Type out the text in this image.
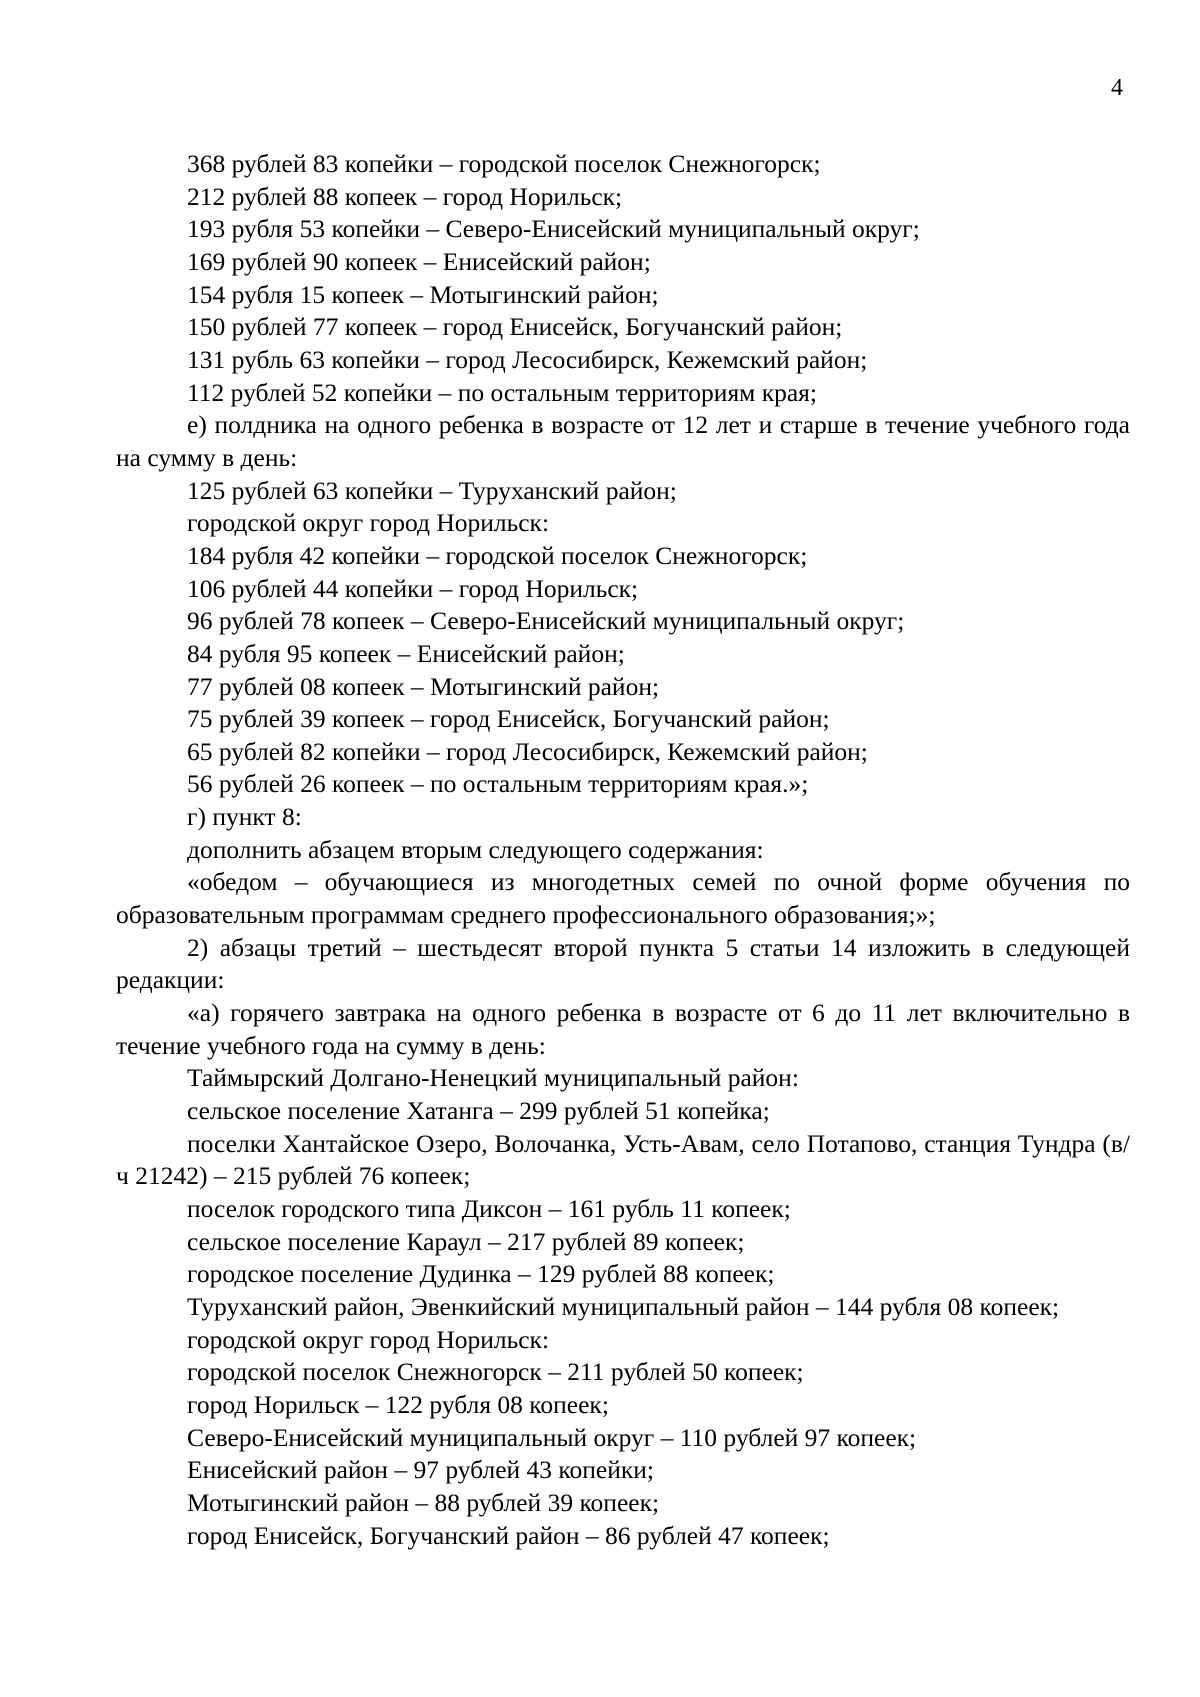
4

368 рублей 83 копейки – городской поселок Снежногорск;

212 рублей 88 копеек – город Норильск;

193 рубля 53 копейки – Северо-Енисейский муниципальный округ;

169 рублей 90 копеек – Енисейский район;

154 рубля 15 копеек – Мотыгинский район;

150 рублей 77 копеек – город Енисейск, Богучанский район;

131 рубль 63 копейки – город Лесосибирск, Кежемский район;

112 рублей 52 копейки – по остальным территориям края;

е) полдника на одного ребенка в возрасте от 12 лет и старше в течение учебного года на сумму в день:

125 рублей 63 копейки – Туруханский район;

городской округ город Норильск:

184 рубля 42 копейки – городской поселок Снежногорск;

106 рублей 44 копейки – город Норильск;

96 рублей 78 копеек – Северо-Енисейский муниципальный округ;

84 рубля 95 копеек – Енисейский район;

77 рублей 08 копеек – Мотыгинский район;

75 рублей 39 копеек – город Енисейск, Богучанский район;

65 рублей 82 копейки – город Лесосибирск, Кежемский район;

56 рублей 26 копеек – по остальным территориям края.»;

г) пункт 8:

дополнить абзацем вторым следующего содержания:

«обедом – обучающиеся из многодетных семей по очной форме обучения по образовательным программам среднего профессионального образования;»;

2) абзацы третий – шестьдесят второй пункта 5 статьи 14 изложить в следующей редакции:

«а) горячего завтрака на одного ребенка в возрасте от 6 до 11 лет включительно в течение учебного года на сумму в день:

Таймырский Долгано-Ненецкий муниципальный район:

сельское поселение Хатанга – 299 рублей 51 копейка;

поселки Хантайское Озеро, Волочанка, Усть-Авам, село Потапово, станция Тундра (в/ч 21242) – 215 рублей 76 копеек;

поселок городского типа Диксон – 161 рубль 11 копеек;

сельское поселение Караул – 217 рублей 89 копеек;

городское поселение Дудинка – 129 рублей 88 копеек;

Туруханский район, Эвенкийский муниципальный район – 144 рубля 08 копеек;

городской округ город Норильск:

городской поселок Снежногорск – 211 рублей 50 копеек;

город Норильск – 122 рубля 08 копеек;

Северо-Енисейский муниципальный округ – 110 рублей 97 копеек;

Енисейский район – 97 рублей 43 копейки;

Мотыгинский район – 88 рублей 39 копеек;

город Енисейск, Богучанский район – 86 рублей 47 копеек;
